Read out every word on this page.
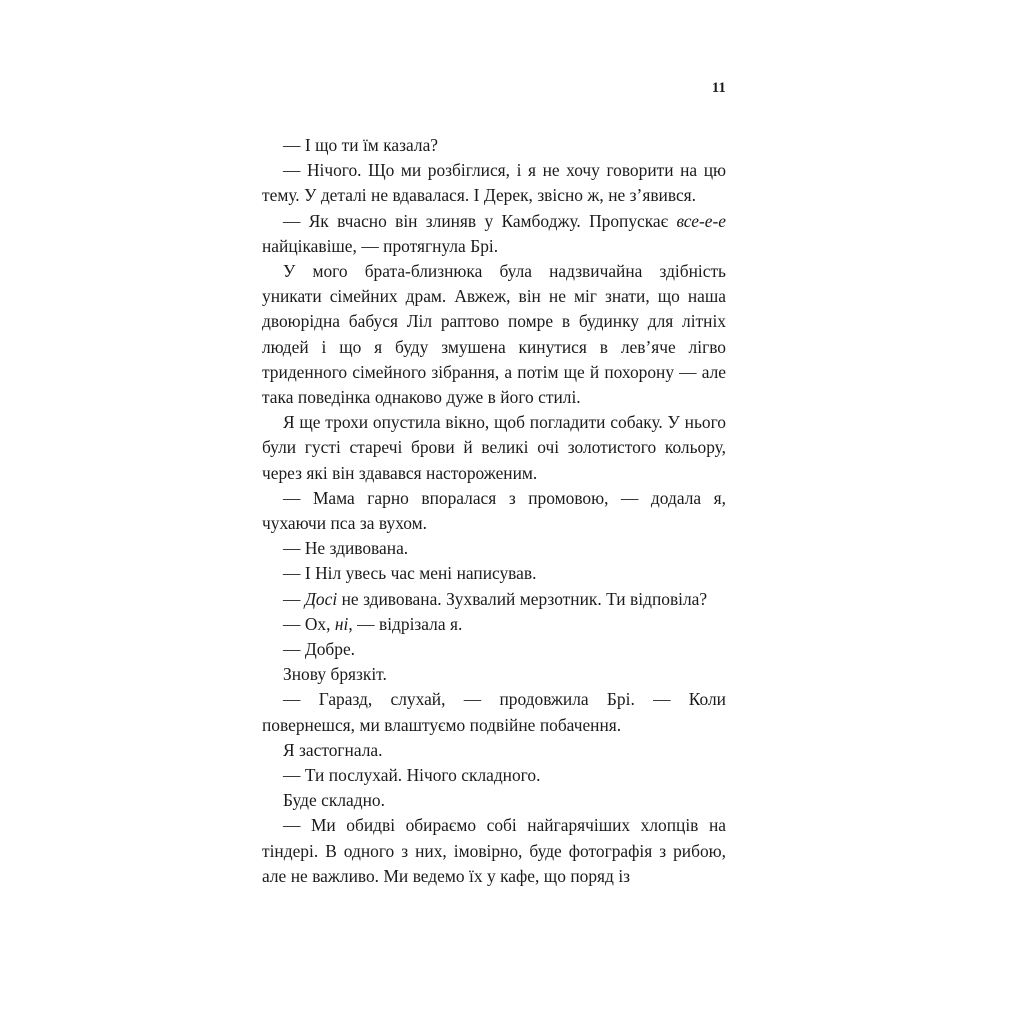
11

— І що ти їм казала?

— Нічого. Що ми розбіглися, і я не хочу говорити на цю тему. У деталі не вдавалася. І Дерек, звісно ж, не з’явився.

— Як вчасно він злиняв у Камбоджу. Пропускає все-е-е найцікавіше, — протягнула Брі.

У мого брата-близнюка була надзвичайна здібність уникати сімейних драм. Авжеж, він не міг знати, що наша двоюрідна бабуся Ліл раптово помре в будинку для літніх людей і що я буду змушена кинутися в лев’яче лігво триденного сімейного зібрання, а потім ще й похорону — але така поведінка однаково дуже в його стилі.

Я ще трохи опустила вікно, щоб погладити собаку. У нього були густі старечі брови й великі очі золотистого кольору, через які він здавався настороженим.

— Мама гарно впоралася з промовою, — додала я, чухаючи пса за вухом.

— Не здивована.

— І Ніл увесь час мені написував.

— Досі не здивована. Зухвалий мерзотник. Ти відповіла?

— Ох, ні, — відрізала я.

— Добре.

Знову брязкіт.

— Гаразд, слухай, — продовжила Брі. — Коли повернешся, ми влаштуємо подвійне побачення.

Я застогнала.

— Ти послухай. Нічого складного.

Буде складно.

— Ми обидві обираємо собі найгарячіших хлопців на тіндері. В одного з них, імовірно, буде фотографія з рибою, але не важливо. Ми ведемо їх у кафе, що поряд із
